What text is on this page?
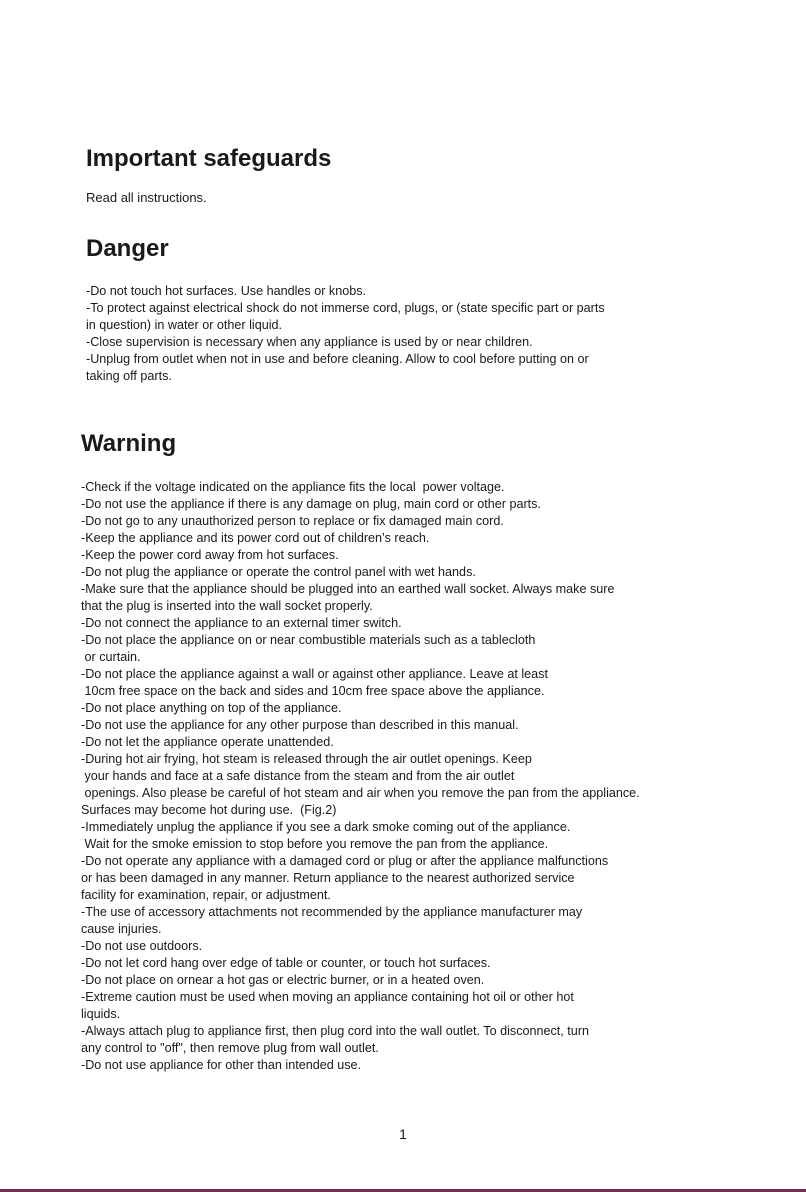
Important safeguards
Read all instructions.
Danger
-Do not touch hot surfaces. Use handles or knobs.
-To protect against electrical shock do not immerse cord, plugs, or (state specific part or parts
in question) in water or other liquid.
-Close supervision is necessary when any appliance is used by or near children.
-Unplug from outlet when not in use and before cleaning. Allow to cool before putting on or
taking off parts.
Warning
-Check if the voltage indicated on the appliance fits the local  power voltage.
-Do not use the appliance if there is any damage on plug, main cord or other parts.
-Do not go to any unauthorized person to replace or fix damaged main cord.
-Keep the appliance and its power cord out of children’s reach.
-Keep the power cord away from hot surfaces.
-Do not plug the appliance or operate the control panel with wet hands.
-Make sure that the appliance should be plugged into an earthed wall socket. Always make sure
that the plug is inserted into the wall socket properly.
-Do not connect the appliance to an external timer switch.
-Do not place the appliance on or near combustible materials such as a tablecloth
or curtain.
-Do not place the appliance against a wall or against other appliance. Leave at least
10cm free space on the back and sides and 10cm free space above the appliance.
-Do not place anything on top of the appliance.
-Do not use the appliance for any other purpose than described in this manual.
-Do not let the appliance operate unattended.
-During hot air frying, hot steam is released through the air outlet openings. Keep
your hands and face at a safe distance from the steam and from the air outlet
openings. Also please be careful of hot steam and air when you remove the pan from the appliance.
Surfaces may become hot during use.  (Fig.2)
-Immediately unplug the appliance if you see a dark smoke coming out of the appliance.
Wait for the smoke emission to stop before you remove the pan from the appliance.
-Do not operate any appliance with a damaged cord or plug or after the appliance malfunctions
or has been damaged in any manner. Return appliance to the nearest authorized service
facility for examination, repair, or adjustment.
-The use of accessory attachments not recommended by the appliance manufacturer may
cause injuries.
-Do not use outdoors.
-Do not let cord hang over edge of table or counter, or touch hot surfaces.
-Do not place on ornear a hot gas or electric burner, or in a heated oven.
-Extreme caution must be used when moving an appliance containing hot oil or other hot
liquids.
-Always attach plug to appliance first, then plug cord into the wall outlet. To disconnect, turn
any control to "off", then remove plug from wall outlet.
-Do not use appliance for other than intended use.
1
